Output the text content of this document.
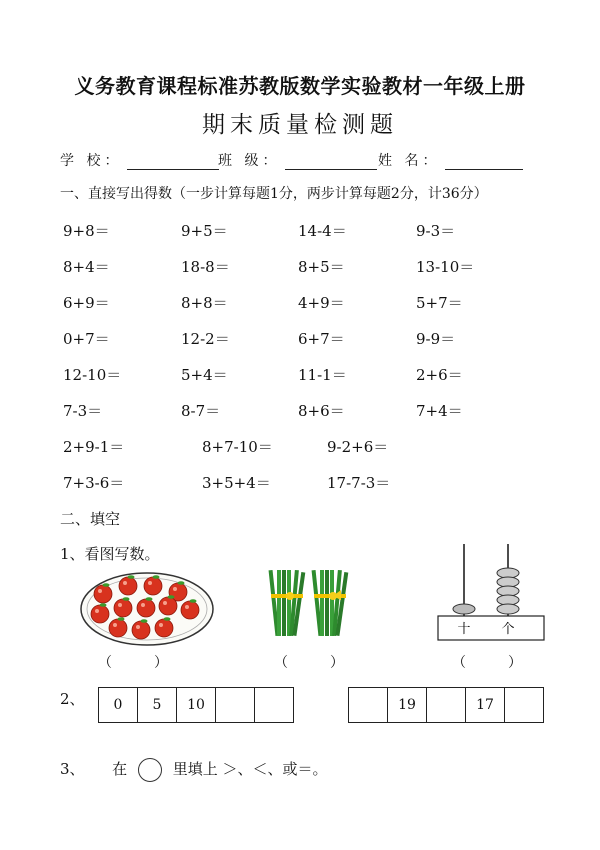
义务教育课程标准苏教版数学实验教材一年级上册
期末质量检测题
学 校：	班 级：	姓 名：
一、直接写出得数（一步计算每题1分，两步计算每题2分，计36分）
9+8＝	9+5＝	14-4＝	9-3＝
8+4＝	18-8＝	8+5＝	13-10＝
6+9＝	8+8＝	4+9＝	5+7＝
0+7＝	12-2＝	6+7＝	9-9＝
12-10＝	5+4＝	11-1＝	2+6＝
7-3＝	8-7＝	8+6＝	7+4＝
2+9-1＝	8+7-10＝	9-2+6＝
7+3-6＝	3+5+4＝	17-7-3＝
二、填空
1、看图写数。
十 个
（　　　）	（　　　）	（　　　）
2、 0	5	10		
		19		17	
3、 在	里填上 ＞、＜、或＝。
